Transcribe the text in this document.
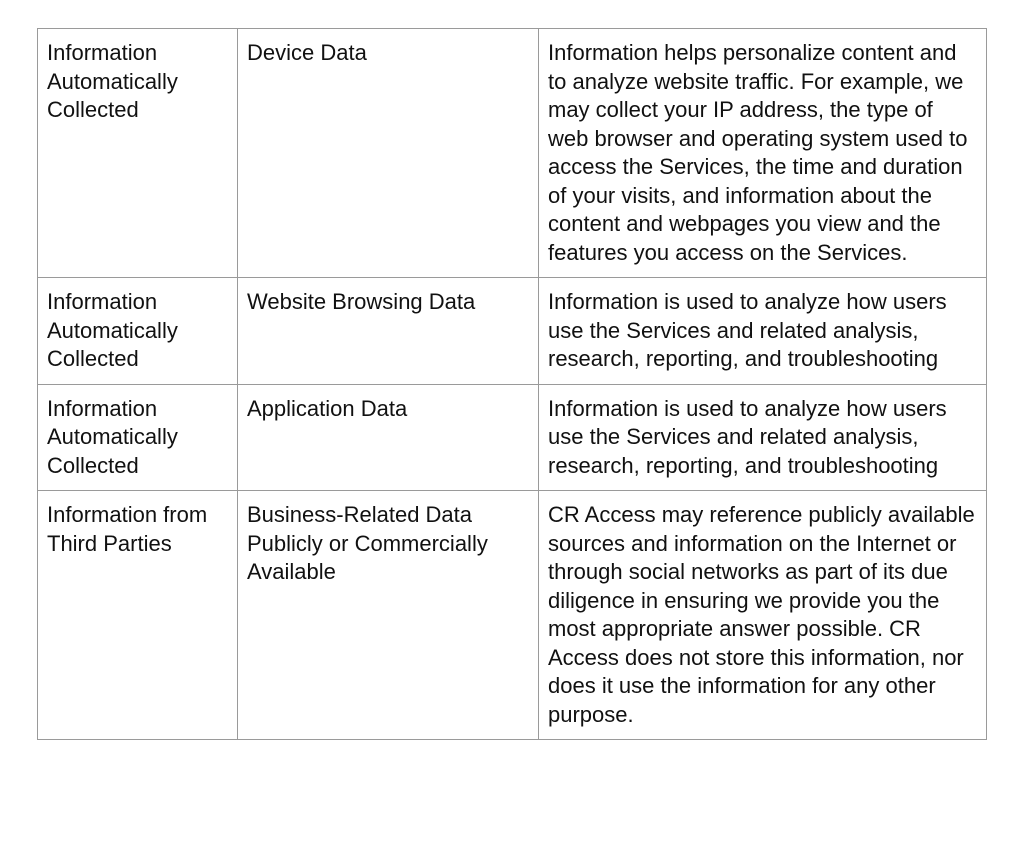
Information Automatically Collected	Device Data	Information helps personalize content and to analyze website traffic. For example, we may collect your IP address, the type of web browser and operating system used to access the Services, the time and duration of your visits, and information about the content and webpages you view and the features you access on the Services.
Information Automatically Collected	Website Browsing Data	Information is used to analyze how users use the Services and related analysis, research, reporting, and troubleshooting
Information Automatically Collected	Application Data	Information is used to analyze how users use the Services and related analysis, research, reporting, and troubleshooting
Information from Third Parties	Business-Related Data Publicly or Commercially Available	CR Access may reference publicly available sources and information on the Internet or through social networks as part of its due diligence in ensuring we provide you the most appropriate answer possible. CR Access does not store this information, nor does it use the information for any other purpose.
